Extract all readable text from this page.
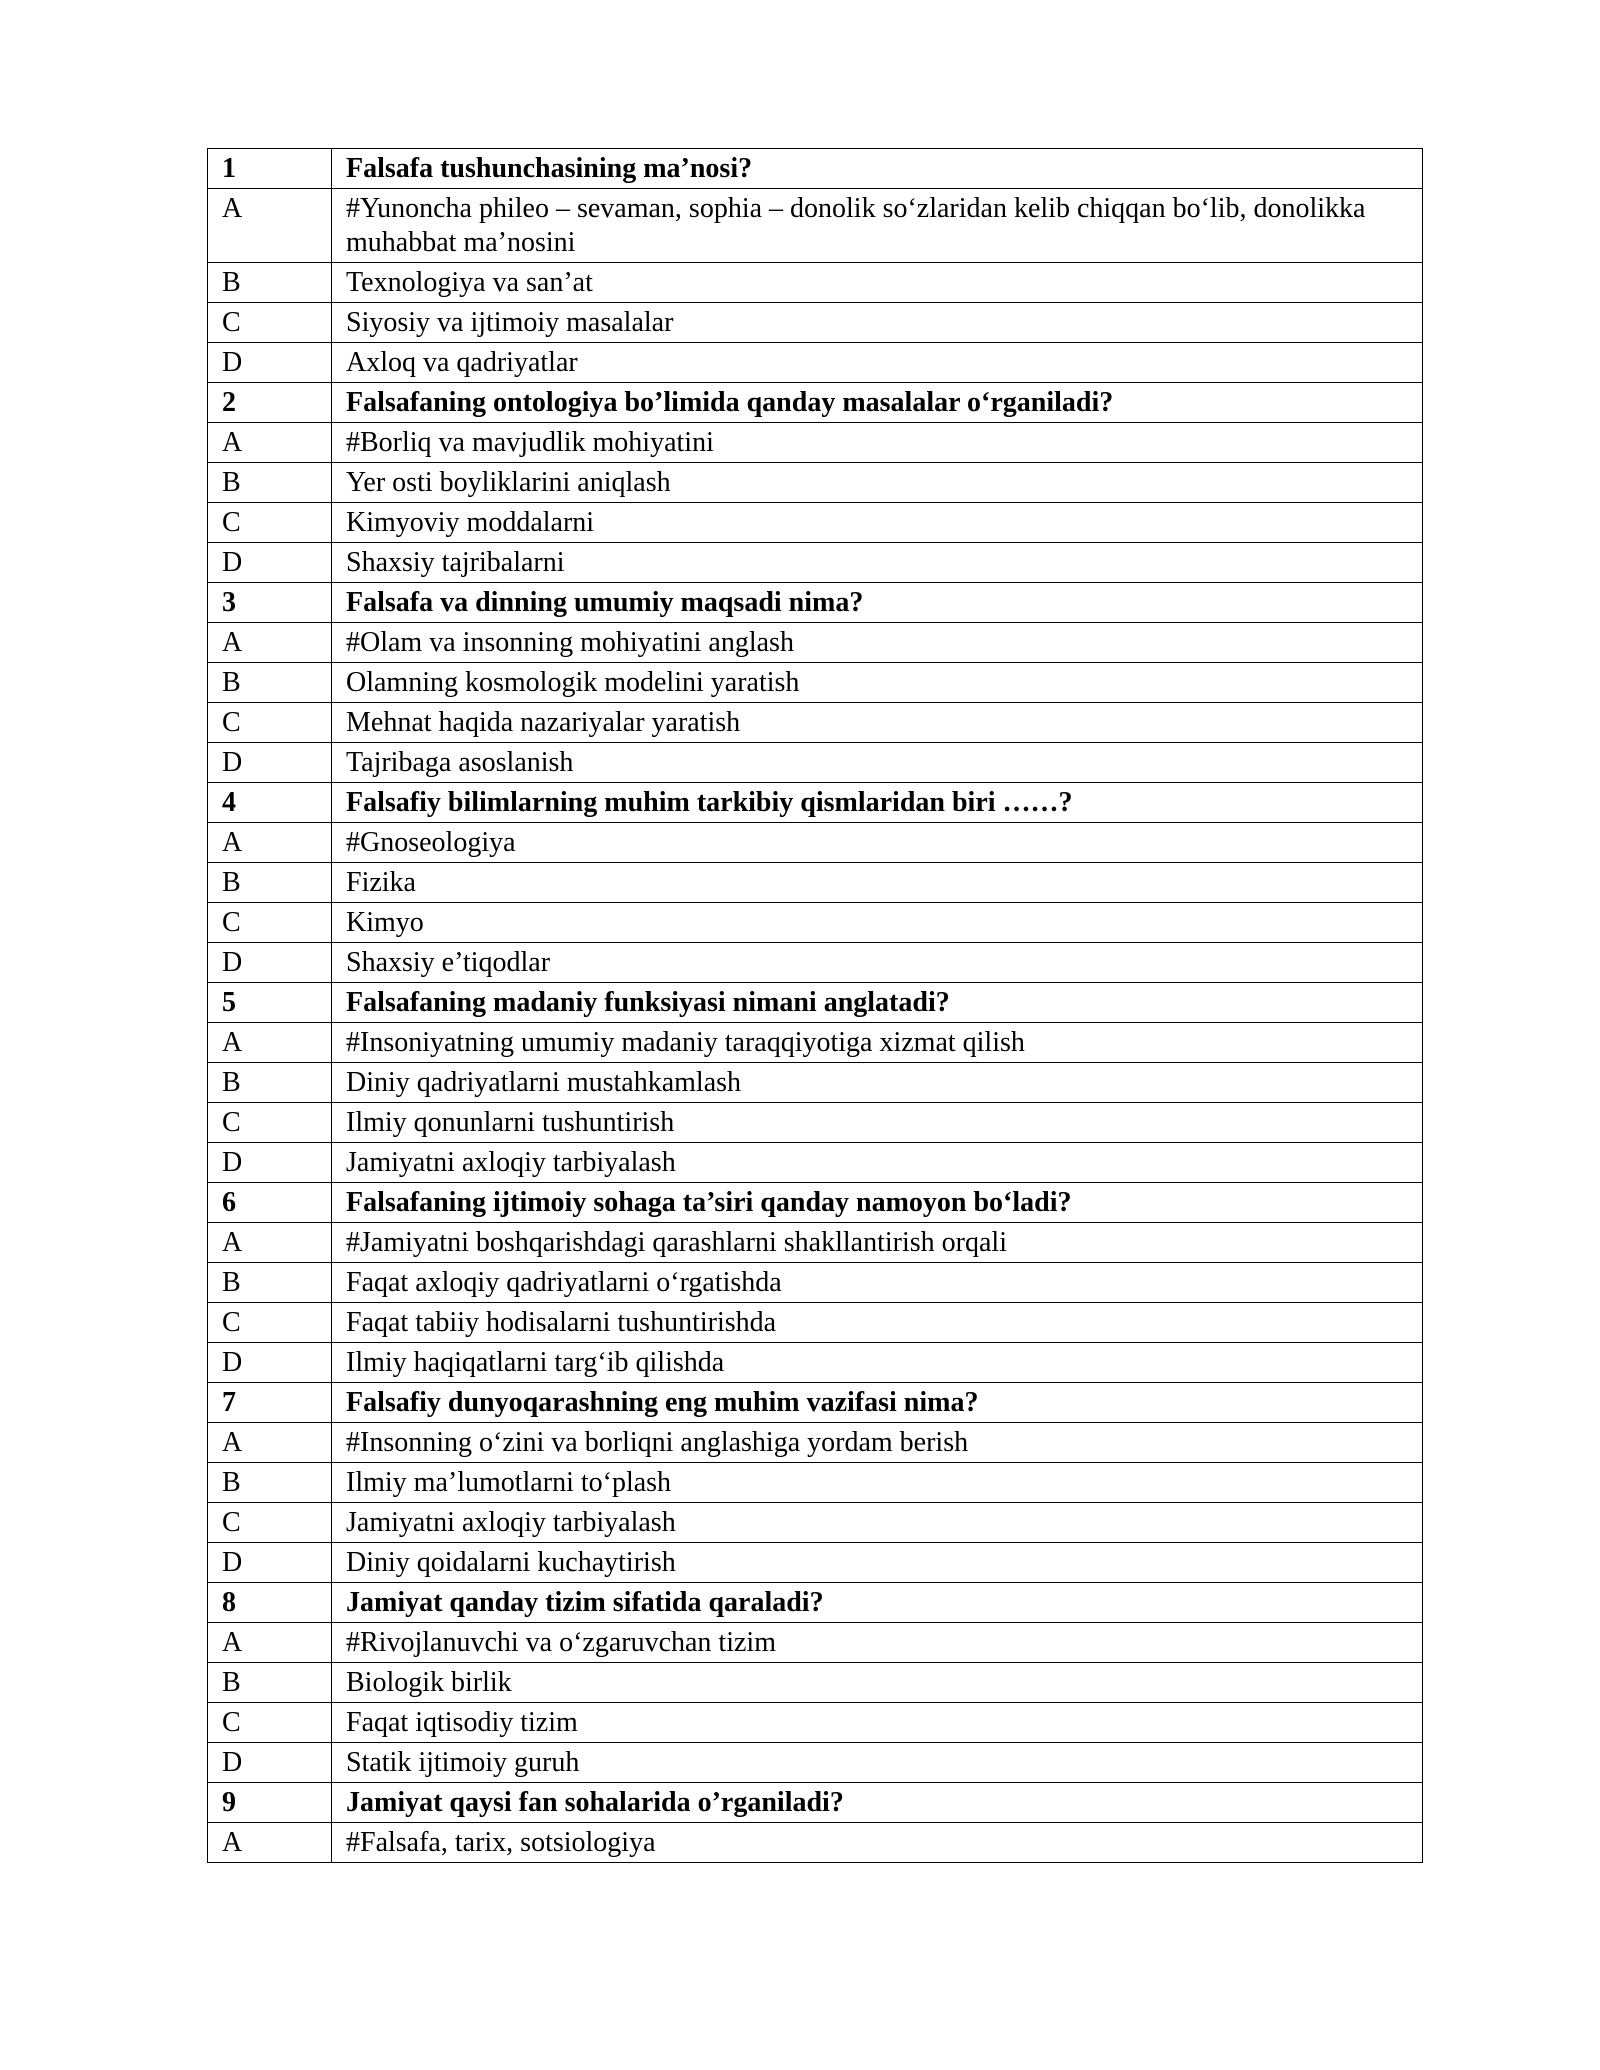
1	Falsafa tushunchasining ma’nosi?
A	#Yunoncha phileo – sevaman, sophia – donolik so‘zlaridan kelib chiqqan bo‘lib, donolikka muhabbat ma’nosini
B	Texnologiya va san’at
C	Siyosiy va ijtimoiy masalalar
D	Axloq va qadriyatlar
2	Falsafaning ontologiya bo’limida qanday masalalar o‘rganiladi?
A	#Borliq va mavjudlik mohiyatini
B	Yer osti boyliklarini aniqlash
C	Kimyoviy moddalarni
D	Shaxsiy tajribalarni
3	Falsafa va dinning umumiy maqsadi nima?
A	#Olam va insonning mohiyatini anglash
B	Olamning kosmologik modelini yaratish
C	Mehnat haqida nazariyalar yaratish
D	Tajribaga asoslanish
4	Falsafiy bilimlarning muhim tarkibiy qismlaridan biri ……?
A	#Gnoseologiya
B	Fizika
C	Kimyo
D	Shaxsiy e’tiqodlar
5	Falsafaning madaniy funksiyasi nimani anglatadi?
A	#Insoniyatning umumiy madaniy taraqqiyotiga xizmat qilish
B	Diniy qadriyatlarni mustahkamlash
C	Ilmiy qonunlarni tushuntirish
D	Jamiyatni axloqiy tarbiyalash
6	Falsafaning ijtimoiy sohaga ta’siri qanday namoyon bo‘ladi?
A	#Jamiyatni boshqarishdagi qarashlarni shakllantirish orqali
B	Faqat axloqiy qadriyatlarni o‘rgatishda
C	Faqat tabiiy hodisalarni tushuntirishda
D	Ilmiy haqiqatlarni targ‘ib qilishda
7	Falsafiy dunyoqarashning eng muhim vazifasi nima?
A	#Insonning o‘zini va borliqni anglashiga yordam berish
B	Ilmiy ma’lumotlarni to‘plash
C	Jamiyatni axloqiy tarbiyalash
D	Diniy qoidalarni kuchaytirish
8	Jamiyat qanday tizim sifatida qaraladi?
A	#Rivojlanuvchi va o‘zgaruvchan tizim
B	Biologik birlik
C	Faqat iqtisodiy tizim
D	Statik ijtimoiy guruh
9	Jamiyat qaysi fan sohalarida o’rganiladi?
A	#Falsafa, tarix, sotsiologiya
